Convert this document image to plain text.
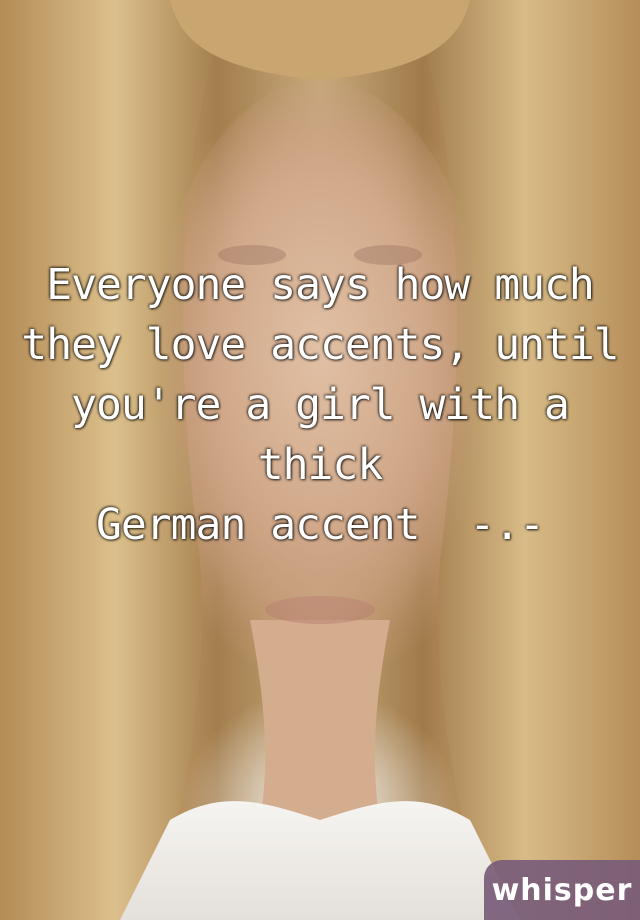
Everyone says how much
they love accents, until
you're a girl with a thick
German accent  -.-

whisper
